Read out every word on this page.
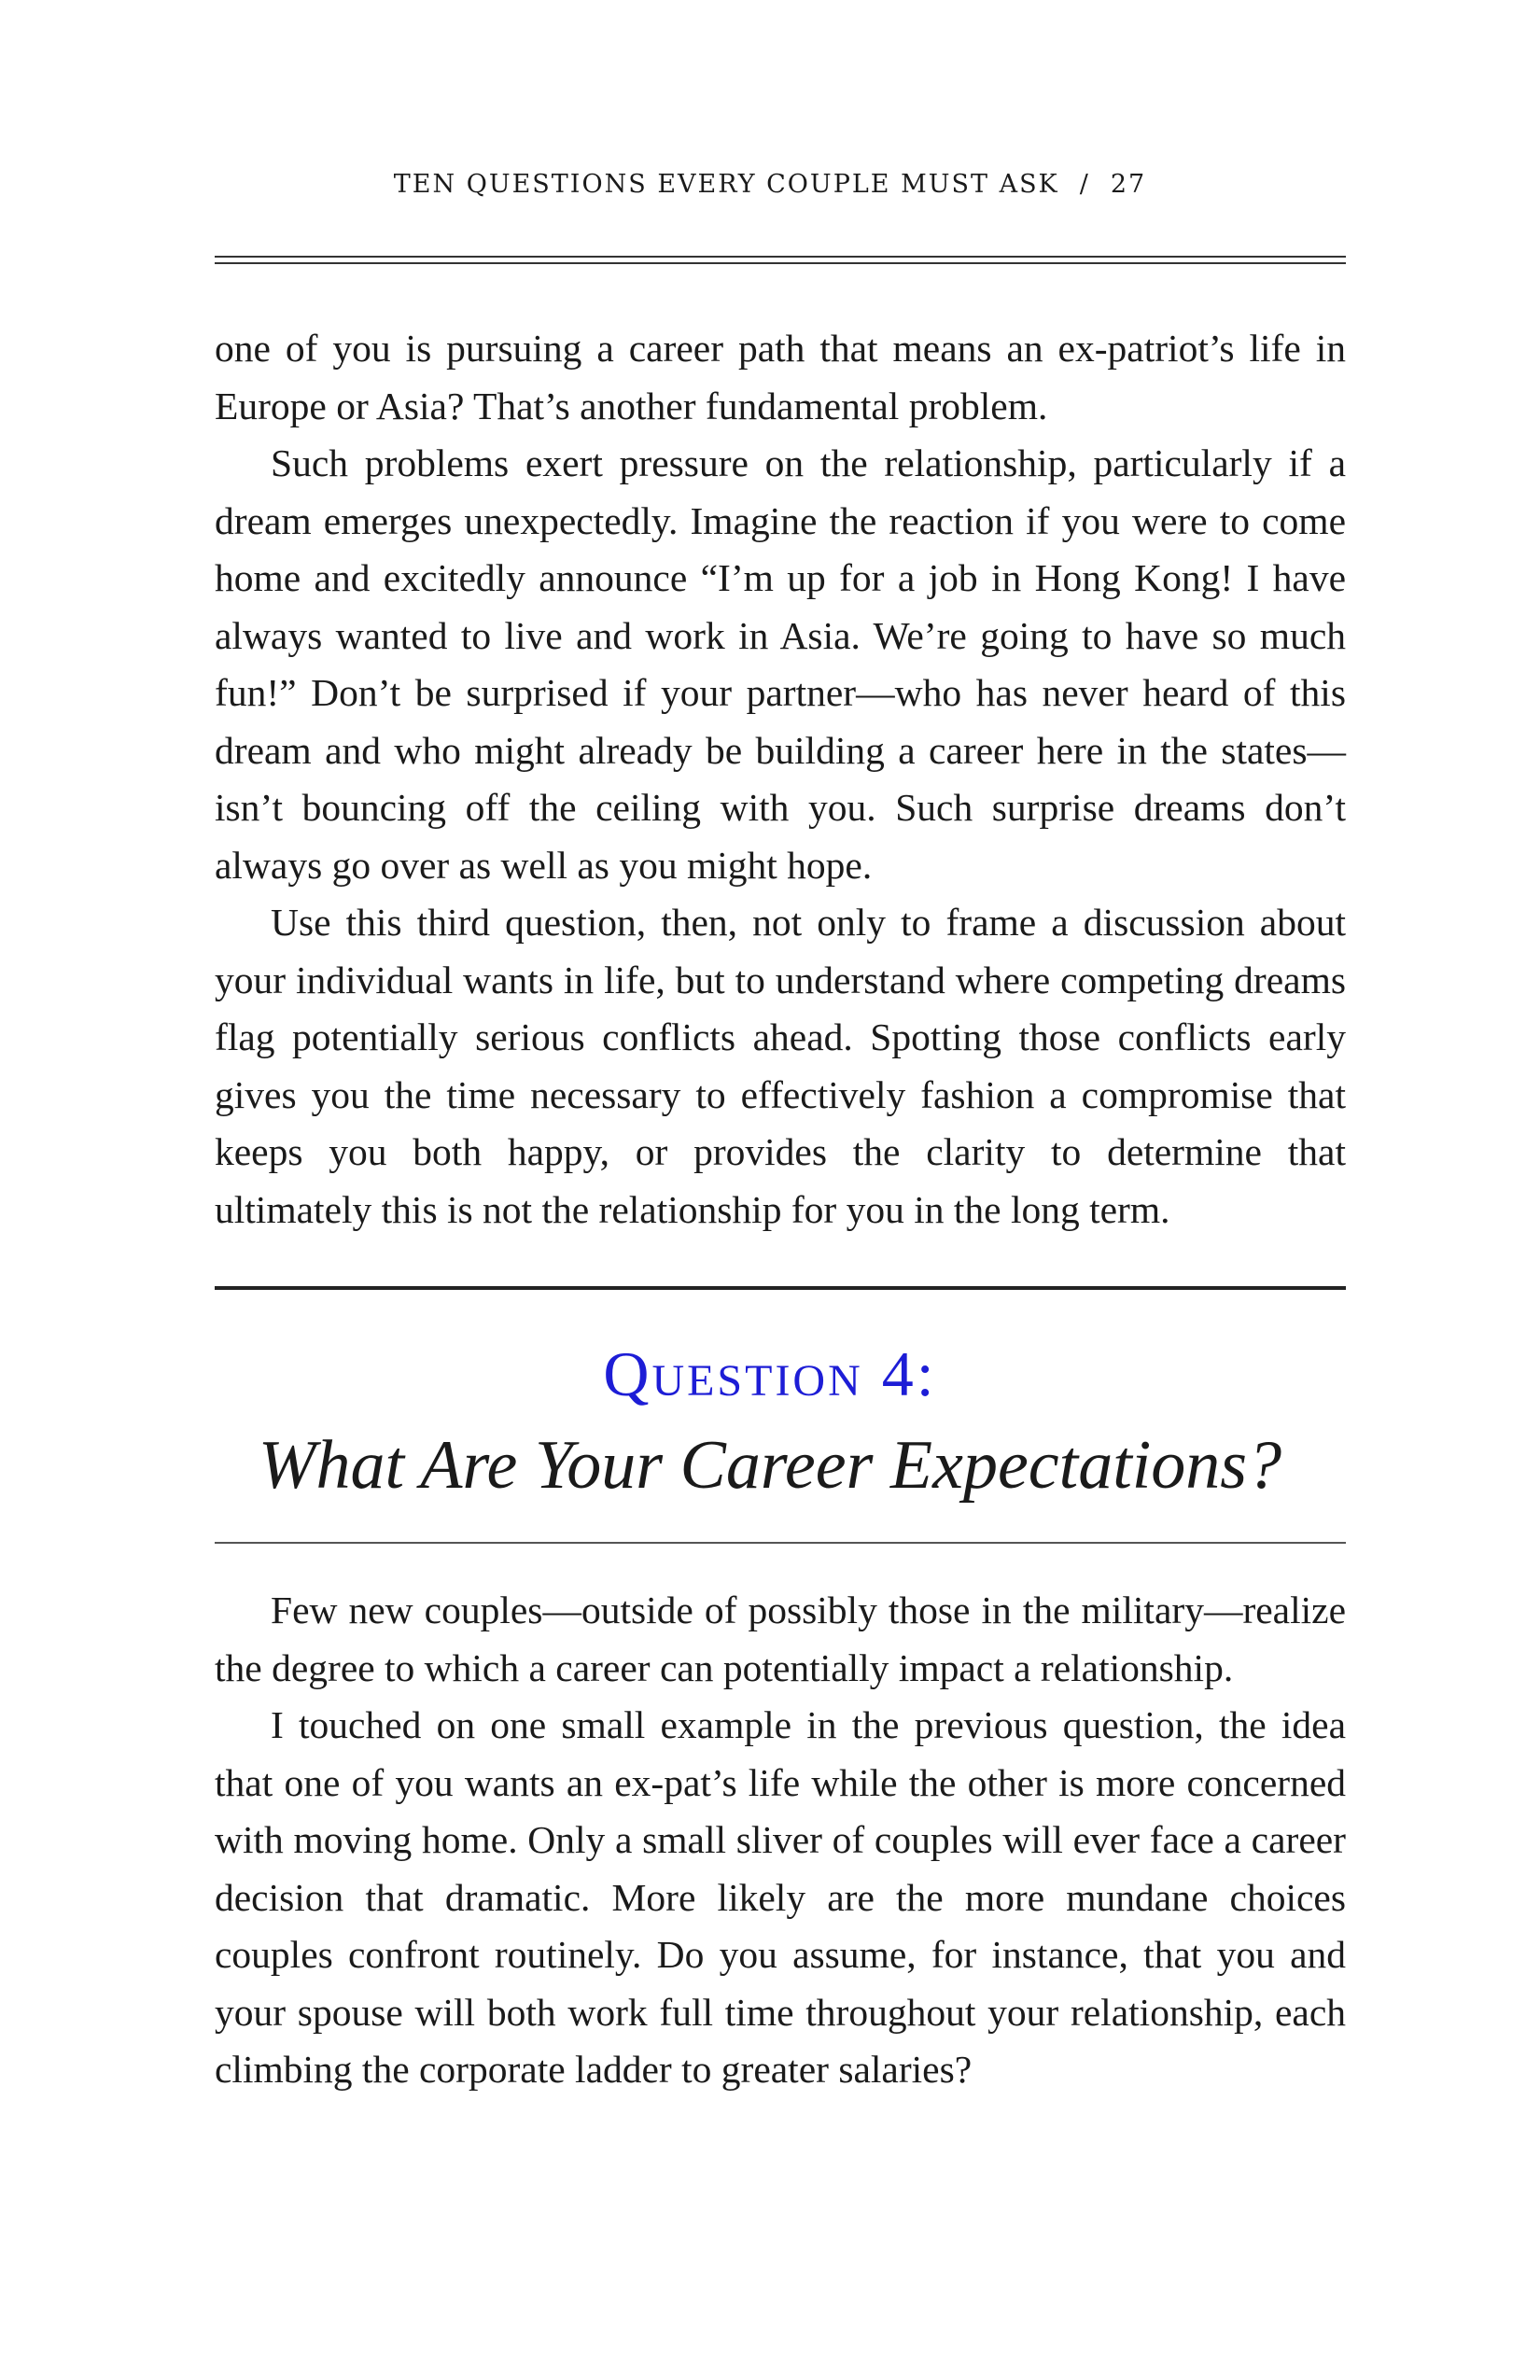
TEN QUESTIONS EVERY COUPLE MUST ASK / 27

one of you is pursuing a career path that means an ex-patriot’s life in Europe or Asia? That’s another fundamental problem.

Such problems exert pressure on the relationship, particularly if a dream emerges unexpectedly. Imagine the reaction if you were to come home and excitedly announce “I’m up for a job in Hong Kong! I have always wanted to live and work in Asia. We’re going to have so much fun!” Don’t be surprised if your partner—who has never heard of this dream and who might already be building a career here in the states—isn’t bouncing off the ceiling with you. Such surprise dreams don’t always go over as well as you might hope.

Use this third question, then, not only to frame a discussion about your individual wants in life, but to understand where competing dreams flag potentially serious conflicts ahead. Spotting those conflicts early gives you the time necessary to effectively fashion a compromise that keeps you both happy, or provides the clarity to determine that ultimately this is not the relationship for you in the long term.

Question 4:
What Are Your Career Expectations?

Few new couples—outside of possibly those in the military—realize the degree to which a career can potentially impact a relationship.

I touched on one small example in the previous question, the idea that one of you wants an ex-pat’s life while the other is more concerned with moving home. Only a small sliver of couples will ever face a career decision that dramatic. More likely are the more mundane choices couples confront routinely. Do you assume, for instance, that you and your spouse will both work full time throughout your relationship, each climbing the corporate ladder to greater salaries?
